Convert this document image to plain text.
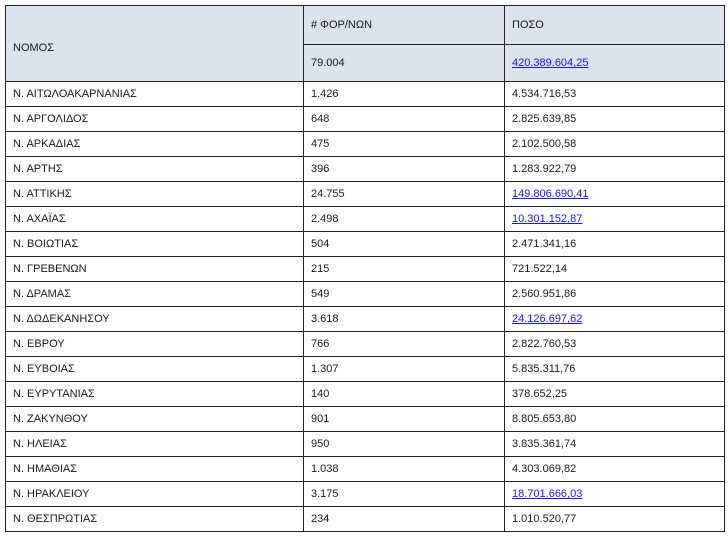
ΝΟΜΟΣ	# ΦΟΡ/ΝΩΝ	ΠΟΣΟ
	79.004	420.389.604,25
Ν. ΑΙΤΩΛΟΑΚΑΡΝΑΝΙΑΣ	1.426	4.534.716,53
Ν. ΑΡΓΟΛΙΔΟΣ	648	2.825.639,85
Ν. ΑΡΚΑΔΙΑΣ	475	2.102.500,58
Ν. ΑΡΤΗΣ	396	1.283.922,79
Ν. ΑΤΤΙΚΗΣ	24.755	149.806.690,41
Ν. ΑΧΑΪΑΣ	2.498	10.301.152,87
Ν. ΒΟΙΩΤΙΑΣ	504	2.471.341,16
Ν. ΓΡΕΒΕΝΩΝ	215	721.522,14
Ν. ΔΡΑΜΑΣ	549	2.560.951,86
Ν. ΔΩΔΕΚΑΝΗΣΟΥ	3.618	24.126.697,62
Ν. ΕΒΡΟΥ	766	2.822.760,53
Ν. ΕΥΒΟΙΑΣ	1.307	5.835.311,76
Ν. ΕΥΡΥΤΑΝΙΑΣ	140	378.652,25
Ν. ΖΑΚΥΝΘΟΥ	901	8.805.653,80
Ν. ΗΛΕΙΑΣ	950	3.835.361,74
Ν. ΗΜΑΘΙΑΣ	1.038	4.303.069,82
Ν. ΗΡΑΚΛΕΙΟΥ	3.175	18.701.666,03
Ν. ΘΕΣΠΡΩΤΙΑΣ	234	1.010.520,77
